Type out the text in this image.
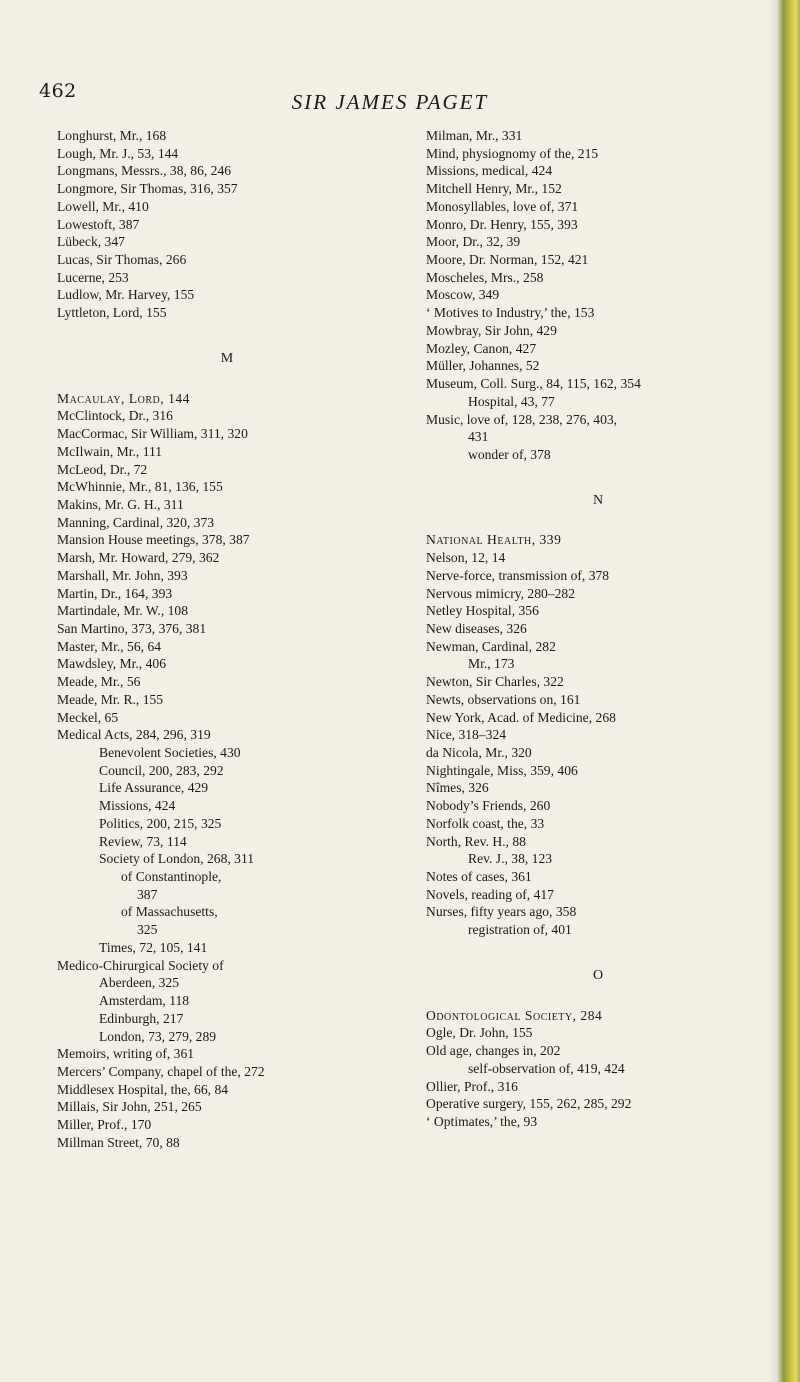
462	SIR JAMES PAGET
Longhurst, Mr., 168
Lough, Mr. J., 53, 144
Longmans, Messrs., 38, 86, 246
Longmore, Sir Thomas, 316, 357
Lowell, Mr., 410
Lowestoft, 387
Lübeck, 347
Lucas, Sir Thomas, 266
Lucerne, 253
Ludlow, Mr. Harvey, 155
Lyttleton, Lord, 155
M
Macaulay, Lord, 144
McClintock, Dr., 316
MacCormac, Sir William, 311, 320
McIlwain, Mr., 111
McLeod, Dr., 72
McWhinnie, Mr., 81, 136, 155
Makins, Mr. G. H., 311
Manning, Cardinal, 320, 373
Mansion House meetings, 378, 387
Marsh, Mr. Howard, 279, 362
Marshall, Mr. John, 393
Martin, Dr., 164, 393
Martindale, Mr. W., 108
San Martino, 373, 376, 381
Master, Mr., 56, 64
Mawdsley, Mr., 406
Meade, Mr., 56
Meade, Mr. R., 155
Meckel, 65
Medical Acts, 284, 296, 319
Benevolent Societies, 430
Council, 200, 283, 292
Life Assurance, 429
Missions, 424
Politics, 200, 215, 325
Review, 73, 114
Society of London, 268, 311
of Constantinople,
387
of Massachusetts,
325
Times, 72, 105, 141
Medico-Chirurgical Society of
Aberdeen, 325
Amsterdam, 118
Edinburgh, 217
London, 73, 279, 289
Memoirs, writing of, 361
Mercers’ Company, chapel of the, 272
Middlesex Hospital, the, 66, 84
Millais, Sir John, 251, 265
Miller, Prof., 170
Millman Street, 70, 88
Milman, Mr., 331
Mind, physiognomy of the, 215
Missions, medical, 424
Mitchell Henry, Mr., 152
Monosyllables, love of, 371
Monro, Dr. Henry, 155, 393
Moor, Dr., 32, 39
Moore, Dr. Norman, 152, 421
Moscheles, Mrs., 258
Moscow, 349
‘ Motives to Industry,’ the, 153
Mowbray, Sir John, 429
Mozley, Canon, 427
Müller, Johannes, 52
Museum, Coll. Surg., 84, 115, 162, 354
Hospital, 43, 77
Music, love of, 128, 238, 276, 403,
431
wonder of, 378
N
National Health, 339
Nelson, 12, 14
Nerve-force, transmission of, 378
Nervous mimicry, 280–282
Netley Hospital, 356
New diseases, 326
Newman, Cardinal, 282
Mr., 173
Newton, Sir Charles, 322
Newts, observations on, 161
New York, Acad. of Medicine, 268
Nice, 318–324
da Nicola, Mr., 320
Nightingale, Miss, 359, 406
Nîmes, 326
Nobody’s Friends, 260
Norfolk coast, the, 33
North, Rev. H., 88
Rev. J., 38, 123
Notes of cases, 361
Novels, reading of, 417
Nurses, fifty years ago, 358
registration of, 401
O
Odontological Society, 284
Ogle, Dr. John, 155
Old age, changes in, 202
self-observation of, 419, 424
Ollier, Prof., 316
Operative surgery, 155, 262, 285, 292
‘ Optimates,’ the, 93
